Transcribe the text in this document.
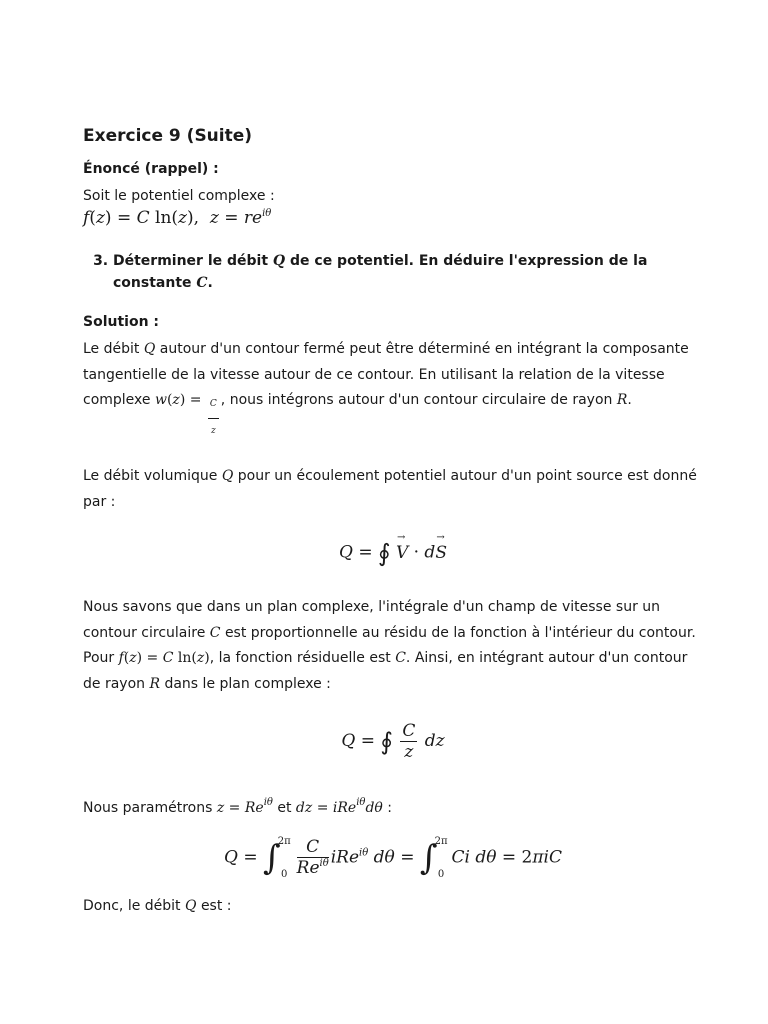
Exercice 9 (Suite)
Énoncé (rappel) :

Soit le potentiel complexe :

f(z) = C ln(z),  $z = re^{i\theta}$
3. Déterminer le débit Q de ce potentiel. En déduire l'expression de la constante C.
Solution :

Le débit Q autour d'un contour fermé peut être déterminé en intégrant la composante tangentielle de la vitesse autour de ce contour. En utilisant la relation de la vitesse complexe $w(z) = \frac{C}{z}$ , nous intégrons autour d'un contour circulaire de rayon R.

Le débit volumique Q pour un écoulement potentiel autour d'un point source est donné par :

Q = ∮ → V · d→ S

Nous savons que dans un plan complexe, l'intégrale d'un champ de vitesse sur un contour circulaire C est proportionnelle au résidu de la fonction à l'intérieur du contour. Pour f(z) = C ln(z), la fonction résiduelle est C. Ainsi, en intégrant autour d'un contour de rayon R dans le plan complexe :

Q = ∮ $\frac{C}{z}$ dz

Nous paramétrons $z = Re^{i\theta}$ et dz = iRe$^{i\theta}$dθ :

Q = ∫
2π
$0 \frac{C}{Re^{i\theta}} iRe^{i\theta}$ dθ = ∫
2π
0
Ci dθ = 2πiC

Donc, le débit Q est :
